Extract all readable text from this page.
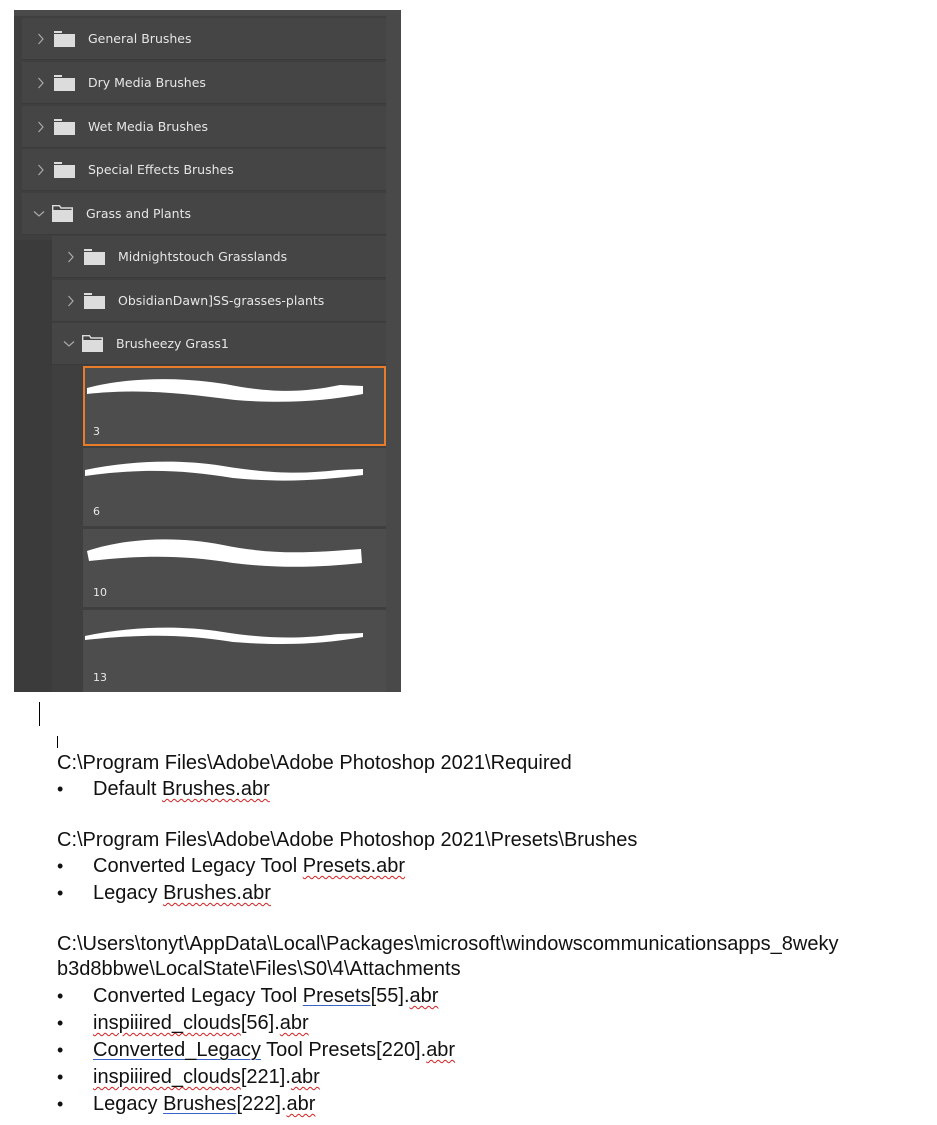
General Brushes
Dry Media Brushes
Wet Media Brushes
Special Effects Brushes
Grass and Plants
Midnightstouch Grasslands
ObsidianDawn]SS-grasses-plants
Brusheezy Grass1
3
6
10
13
C:\Program Files\Adobe\Adobe Photoshop 2021\Required
• Default Brushes.abr
C:\Program Files\Adobe\Adobe Photoshop 2021\Presets\Brushes
• Converted Legacy Tool Presets.abr
• Legacy Brushes.abr
C:\Users\tonyt\AppData\Local\Packages\microsoft\windowscommunicationsapps_8weky
b3d8bbwe\LocalState\Files\S0\4\Attachments
• Converted Legacy Tool Presets[55].abr
• inspiiired_clouds[56].abr
• Converted_Legacy Tool Presets[220].abr
• inspiiired_clouds[221].abr
• Legacy Brushes[222].abr
